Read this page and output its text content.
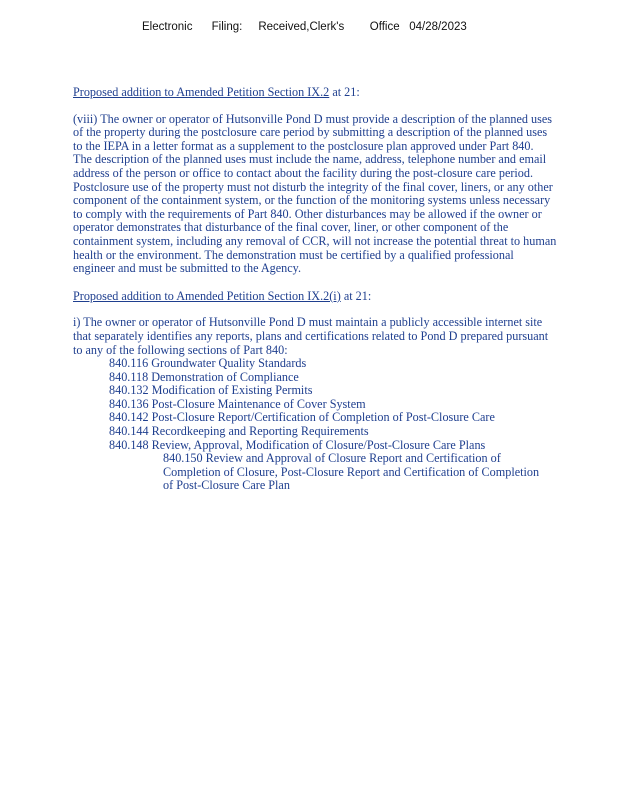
Electronic      Filing:     Received,Clerk's        Office   04/28/2023

Proposed addition to Amended Petition Section IX.2 at 21:

(viii) The owner or operator of Hutsonville Pond D must provide a description of the planned uses
of the property during the postclosure care period by submitting a description of the planned uses
to the IEPA in a letter format as a supplement to the postclosure plan approved under Part 840.
The description of the planned uses must include the name, address, telephone number and email
address of the person or office to contact about the facility during the post-closure care period.
Postclosure use of the property must not disturb the integrity of the final cover, liners, or any other
component of the containment system, or the function of the monitoring systems unless necessary
to comply with the requirements of Part 840. Other disturbances may be allowed if the owner or
operator demonstrates that disturbance of the final cover, liner, or other component of the
containment system, including any removal of CCR, will not increase the potential threat to human
health or the environment. The demonstration must be certified by a qualified professional
engineer and must be submitted to the Agency.

Proposed addition to Amended Petition Section IX.2(i) at 21:

i) The owner or operator of Hutsonville Pond D must maintain a publicly accessible internet site
that separately identifies any reports, plans and certifications related to Pond D prepared pursuant
to any of the following sections of Part 840:
840.116 Groundwater Quality Standards
840.118 Demonstration of Compliance
840.132 Modification of Existing Permits
840.136 Post-Closure Maintenance of Cover System
840.142 Post-Closure Report/Certification of Completion of Post-Closure Care
840.144 Recordkeeping and Reporting Requirements
840.148 Review, Approval, Modification of Closure/Post-Closure Care Plans
840.150 Review and Approval of Closure Report and Certification of
Completion of Closure, Post-Closure Report and Certification of Completion
of Post-Closure Care Plan
